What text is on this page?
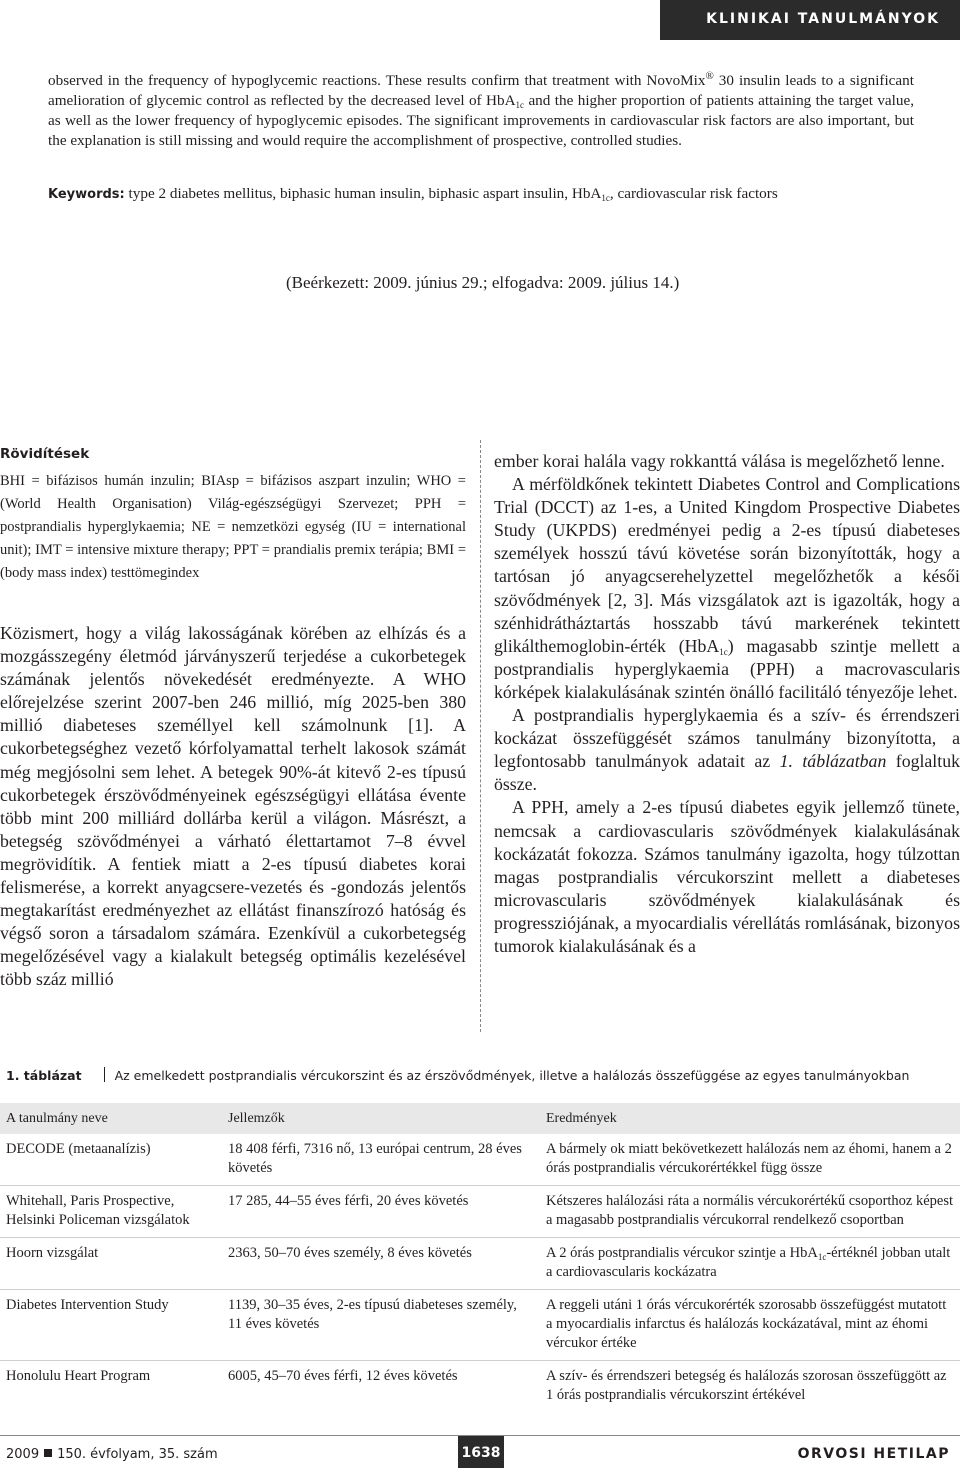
KLINIKAI TANULMÁNYOK
observed in the frequency of hypoglycemic reactions. These results confirm that treatment with NovoMix® 30 insulin leads to a significant amelioration of glycemic control as reflected by the decreased level of HbA$_{1c}$ and the higher proportion of patients attaining the target value, as well as the lower frequency of hypoglycemic episodes. The significant improvements in cardiovascular risk factors are also important, but the explanation is still missing and would require the accomplishment of prospective, controlled studies.
Keywords: type 2 diabetes mellitus, biphasic human insulin, biphasic aspart insulin, HbA$_{1c}$, cardiovascular risk factors
(Beérkezett: 2009. június 29.; elfogadva: 2009. július 14.)
Rövidítések
BHI = bifázisos humán inzulin; BIAsp = bifázisos aszpart inzulin; WHO = (World Health Organisation) Világ-egészségügyi Szervezet; PPH = postprandialis hyperglykaemia; NE = nemzetközi egység (IU = international unit); IMT = intensive mixture therapy; PPT = prandialis premix terápia; BMI = (body mass index) testtömegindex

Közismert, hogy a világ lakosságának körében az elhízás és a mozgásszegény életmód járványszerű terjedése a cukorbetegek számának jelentős növekedését eredményezte. A WHO előrejelzése szerint 2007-ben 246 millió, míg 2025-ben 380 millió diabeteses személlyel kell számolnunk [1]. A cukorbetegséghez vezető kórfolyamattal terhelt lakosok számát még megjósolni sem lehet. A betegek 90%-át kitevő 2-es típusú cukorbetegek érszövődményeinek egészségügyi ellátása évente több mint 200 milliárd dollárba kerül a világon. Másrészt, a betegség szövődményei a várható élettartamot 7–8 évvel megrövidítik. A fentiek miatt a 2-es típusú diabetes korai felismerése, a korrekt anyagcsere-vezetés és -gondozás jelentős megtakarítást eredményezhet az ellátást finanszírozó hatóság és végső soron a társadalom számára. Ezenkívül a cukorbetegség megelőzésével vagy a kialakult betegség optimális kezelésével több száz millió

ember korai halála vagy rokkanttá válása is megelőzhető lenne.

A mérföldkőnek tekintett Diabetes Control and Complications Trial (DCCT) az 1-es, a United Kingdom Prospective Diabetes Study (UKPDS) eredményei pedig a 2-es típusú diabeteses személyek hosszú távú követése során bizonyították, hogy a tartósan jó anyagcserehelyzettel megelőzhetők a késői szövődmények [2, 3]. Más vizsgálatok azt is igazolták, hogy a szénhidrátháztartás hosszabb távú markerének tekintett glikálthemoglobin-érték (HbA$_{1c}$) magasabb szintje mellett a postprandialis hyperglykaemia (PPH) a macrovascularis kórképek kialakulásának szintén önálló facilitáló tényezője lehet.

A postprandialis hyperglykaemia és a szív- és érrendszeri kockázat összefüggését számos tanulmány bizonyította, a legfontosabb tanulmányok adatait az 1. táblázatban foglaltuk össze.

A PPH, amely a 2-es típusú diabetes egyik jellemző tünete, nemcsak a cardiovascularis szövődmények kialakulásának kockázatát fokozza. Számos tanulmány igazolta, hogy túlzottan magas postprandialis vércukorszint mellett a diabeteses microvascularis szövődmények kialakulásának és progressziójának, a myocardialis vérellátás romlásának, bizonyos tumorok kialakulásának és a

1. táblázat	Az emelkedett postprandialis vércukorszint és az érszövődmények, illetve a halálozás összefüggése az egyes tanulmányokban
A tanulmány neve	Jellemzők	Eredmények
DECODE (metaanalízis)	18 408 férfi, 7316 nő, 13 európai centrum, 28 éves követés	A bármely ok miatt bekövetkezett halálozás nem az éhomi, hanem a 2 órás postprandialis vércukorértékkel függ össze
Whitehall, Paris Prospective, Helsinki Policeman vizsgálatok	17 285, 44–55 éves férfi, 20 éves követés	Kétszeres halálozási ráta a normális vércukorértékű csoporthoz képest a magasabb postprandialis vércukorral rendelkező csoportban
Hoorn vizsgálat	2363, 50–70 éves személy, 8 éves követés	A 2 órás postprandialis vércukor szintje a HbA$_{1c}$-értéknél jobban utalt a cardiovascularis kockázatra
Diabetes Intervention Study	1139, 30–35 éves, 2-es típusú diabeteses személy, 11 éves követés	A reggeli utáni 1 órás vércukorérték szorosabb összefüggést mutatott a myocardialis infarctus és halálozás kockázatával, mint az éhomi vércukor értéke
Honolulu Heart Program	6005, 45–70 éves férfi, 12 éves követés	A szív- és érrendszeri betegség és halálozás szorosan összefüggött az 1 órás postprandialis vércukorszint értékével
2009 150. évfolyam, 35. szám	1638	ORVOSI HETILAP
